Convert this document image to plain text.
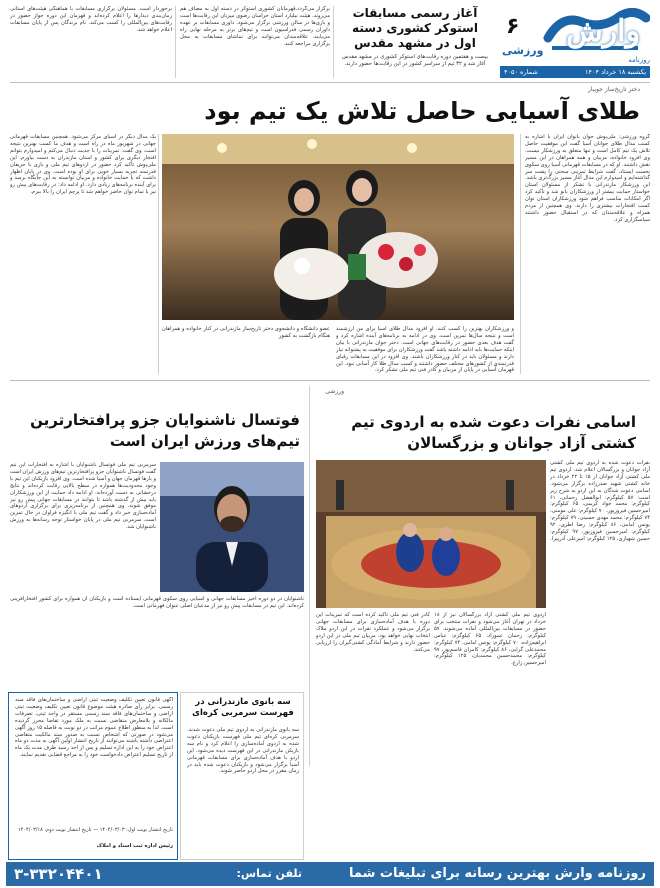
وارش
روزنامه
۶
ورزشی
یکشنبه ۱۸ خرداد ۱۴۰۴
شماره ۴۰۵۰
آغاز رسمی مسابقات استوکر کشوری دسته اول در مشهد مقدس
بیست و هفتمین دوره رقابت‌های استوکر کشوری در مشهد مقدس آغاز شد و ۳۲ تیم از سراسر کشور در این رقابت‌ها حضور دارند.
برگزار می‌گردد.قهرمانان کشوری استوکر در دسته اول به مصاف هم می‌روند. هیئت بیلیارد استان خراسان رضوی میزبان این رقابت‌ها است و بازی‌ها در سالن ورزشی برگزار می‌شود. داوری مسابقات بر عهده داوران رسمی فدراسیون است و تیم‌های برتر به مرحله نهایی راه می‌یابند. علاقه‌مندان می‌توانند برای تماشای مسابقات به محل برگزاری مراجعه کنند.
برخوردار است. مسئولان برگزاری مسابقات با هماهنگی هیئت‌های استانی زمان‌بندی دیدارها را اعلام کرده‌اند و قهرمان این دوره جواز حضور در رقابت‌های بین‌المللی را کسب می‌کند. نام برندگان پس از پایان مسابقات اعلام خواهد شد.
دختر تاریخ‌ساز جویبار
طلای آسیایی حاصل تلاش یک تیم بود
گروه ورزشی: ملی‌پوش جوان بانوان ایران با اشاره به کسب مدال طلای جوانان آسیا گفت این موفقیت حاصل تلاش یک تیم کامل است و تنها متعلق به ورزشکار نیست. وی افزود خانواده، مربیان و همه همراهان در این مسیر نقش داشتند. او که در مسابقات قهرمانی آسیا روی سکوی نخست ایستاد، گفت شرایط تمرینی سختی را پشت سر گذاشته‌ایم و امیدوارم این مدال آغاز مسیر بزرگ‌تری باشد. این ورزشکار مازندرانی با تشکر از مسئولان استان خواستار حمایت بیشتر از ورزشکاران بانو شد و تأکید کرد اگر امکانات مناسب فراهم شود ورزشکاران استان توان کسب افتخارات بیشتری را دارند. وی همچنین از مردم همراه و علاقه‌مندان که در استقبال حضور داشتند سپاسگزاری کرد.
یک مدال دیگر در آسیای مرکز می‌شود. همچنین مسابقات قهرمانی جهانی در شهریور ماه در راه است و هدف ما کسب بهترین نتیجه است. وی گفت: تمرینات را با جدیت دنبال می‌کنم و امیدوارم بتوانم افتخار دیگری برای کشور و استان مازندران به دست بیاورم. این ملی‌پوش تأکید کرد حضور در اردوهای تیم ملی و بازی با حریفان قدرتمند تجربه بسیار خوبی برای او بوده است. وی در پایان اظهار داشت که با حمایت خانواده و مربیان توانسته به این جایگاه برسد و برای آینده برنامه‌های زیادی دارد. او ادامه داد: در رقابت‌های پیش رو نیز با تمام توان حاضر خواهم شد تا پرچم ایران را بالا ببرم.
عضو دانشگاه و دانشجوی دختر تاریخ‌ساز مازندرانی در کنار خانواده و همراهان هنگام بازگشت به کشور
و ورزشکاران بهترین را کسب کنند. او افزود مدال طلای آسیا برای من ارزشمند است و نتیجه سال‌ها تمرین است. وی در ادامه به برنامه‌های آینده اشاره کرد و گفت هدف بعدی حضور در رقابت‌های جهانی است. دختر جوان مازندرانی با بیان اینکه حمایت‌ها باید ادامه داشته باشد گفت ورزشکاران برای موفقیت به پشتوانه نیاز دارند و مسئولان باید در کنار ورزشکاران باشند. وی افزود در این مسابقات رقبای قدرتمندی از کشورهای مختلف حضور داشتند و کسب مدال طلا کار آسانی نبود. این قهرمان آسیایی در پایان از مربیان و کادر فنی تیم ملی تشکر کرد.
اسامی نفرات دعوت شده به اردوی تیم کشتی آزاد جوانان و بزرگسالان
نفرات دعوت شده به اردوی تیم ملی کشتی آزاد جوانان و بزرگسالان اعلام شد. اردوی تیم ملی کشتی آزاد جوانان از ۱۵ تا ۲۲ خرداد در خانه کشتی شهید صدرزاده برگزار می‌شود. اسامی دعوت شدگان به این اردو به شرح زیر است: ۵۷ کیلوگرم: ابوالفضل رحمانی، ۶۱ کیلوگرم: محمد جواد کریمی، ۶۵ کیلوگرم: امیرحسین فیروزپور، ۷۰ کیلوگرم: علی مومنی، ۷۴ کیلوگرم: محمد مهدی حسینی، ۷۹ کیلوگرم: یونس امامی، ۸۶ کیلوگرم: رضا اطری، ۹۲ کیلوگرم: امیرحسین فیروزپور، ۹۷ کیلوگرم: حسین شهبازی، ۱۲۵ کیلوگرم: امیرعلی آذرپیرا.
اردوی تیم ملی کشتی آزاد بزرگسالان نیز از ۱۸ خرداد در تهران آغاز می‌شود و نفرات منتخب برای حضور در مسابقات بین‌المللی آماده می‌شوند. ۵۷ کیلوگرم: رحمان عموزاد، ۶۵ کیلوگرم: عباس ابراهیم‌زاده، ۷۰ کیلوگرم: یونس امامی، ۷۴ کیلوگرم: محمدعلی گرایی، ۸۶ کیلوگرم: کامران قاسم‌پور، ۹۷ کیلوگرم: محمدحسین محمدیان، ۱۲۵ کیلوگرم: امیرحسین زارع.
کادر فنی تیم ملی تأکید کرده است که تمرینات این دوره با هدف آماده‌سازی برای مسابقات جهانی برگزار می‌شود و عملکرد نفرات در این اردو ملاک انتخاب نهایی خواهد بود. مربیان تیم ملی در این اردو حضور دارند و شرایط آمادگی کشتی‌گیران را ارزیابی می‌کنند.
ورزشی
فوتسال ناشنوایان جزو پرافتخارترین تیم‌های ورزش ایران است
سرمربی تیم ملی فوتسال ناشنوایان با اشاره به افتخارات این تیم گفت فوتسال ناشنوایان جزو پرافتخارترین تیم‌های ورزش ایران است و بارها قهرمان جهان و آسیا شده است. وی افزود بازیکنان این تیم با وجود محدودیت‌ها همواره در سطح بالایی رقابت کرده‌اند و نتایج درخشانی به دست آورده‌اند. او ادامه داد حمایت از این ورزشکاران باید بیش از گذشته باشد تا بتوانند در مسابقات جهانی پیش رو نیز موفق شوند. وی همچنین از برنامه‌ریزی برای برگزاری اردوهای آماده‌سازی خبر داد و گفت تیم ملی با انگیزه فراوان در حال تمرین است. سرمربی تیم ملی در پایان خواستار توجه رسانه‌ها به ورزش ناشنوایان شد.
ناشنوایان در دو دوره اخیر مسابقات جهانی و آسیایی روی سکوی قهرمانی ایستاده است و بازیکنان آن همواره برای کشور افتخارآفرینی کرده‌اند. این تیم در مسابقات پیش رو نیز از مدعیان اصلی عنوان قهرمانی است.
سه بانوی مازندرانی در فهرست سرمربی کره‌ای
سه بانوی مازندرانی به اردوی تیم ملی دعوت شدند. سرمربی کره‌ای تیم ملی فهرست بازیکنان دعوت شده به اردوی آماده‌سازی را اعلام کرد و نام سه بازیکن مازندرانی در این فهرست دیده می‌شود. این اردو با هدف آماده‌سازی برای مسابقات قهرمانی آسیا برگزار می‌شود و بازیکنان دعوت شده باید در زمان مقرر در محل اردو حاضر شوند.
آگهی قانون تعیین تکلیف وضعیت ثبتی اراضی و ساختمان‌های فاقد سند رسمی. برابر رأی صادره هیئت موضوع قانون تعیین تکلیف وضعیت ثبتی اراضی و ساختمان‌های فاقد سند رسمی مستقر در واحد ثبتی، تصرفات مالکانه و بلامعارض متقاضی نسبت به ملک مورد تقاضا محرز گردیده است. لذا به منظور اطلاع عموم مراتب در دو نوبت به فاصله ۱۵ روز آگهی می‌شود در صورتی که اشخاص نسبت به صدور سند مالکیت متقاضی اعتراضی داشته باشند می‌توانند از تاریخ انتشار اولین آگهی به مدت دو ماه اعتراض خود را به این اداره تسلیم و پس از اخذ رسید ظرف مدت یک ماه از تاریخ تسلیم اعتراض دادخواست خود را به مراجع قضایی تقدیم نمایند.
تاریخ انتشار نوبت اول: ۱۴۰۴/۰۳/۰۳ — تاریخ انتشار نوبت دوم: ۱۴۰۴/۰۳/۱۸
رئیس اداره ثبت اسناد و املاک
روزنامه وارش بهترین رسانه برای تبلیغات شما
تلفن تماس:
۳-۳۳۲۰۴۴۰۱
